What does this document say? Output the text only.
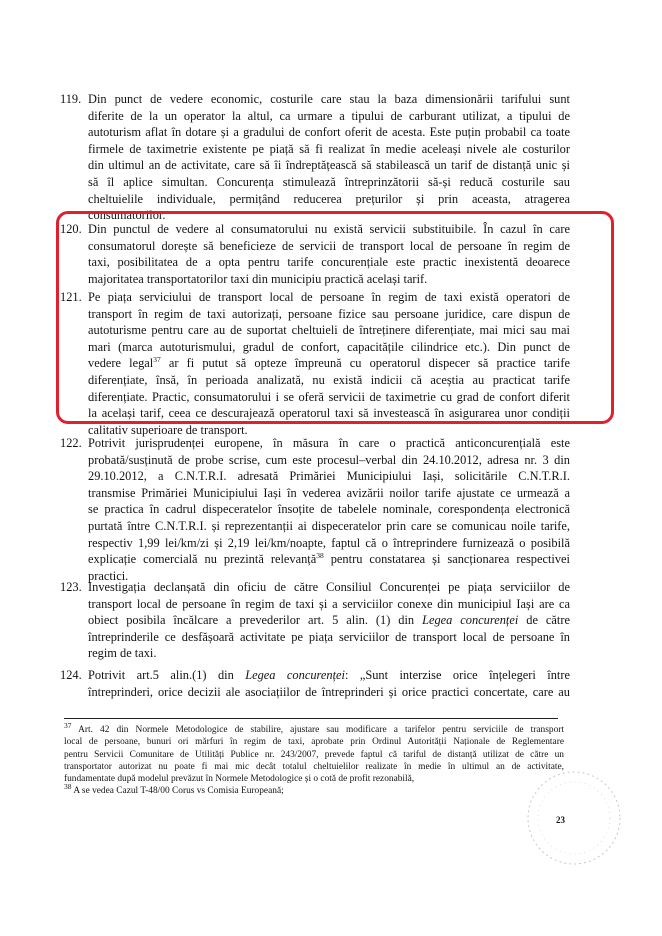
119. Din punct de vedere economic, costurile care stau la baza dimensionării tarifului sunt
diferite de la un operator la altul, ca urmare a tipului de carburant utilizat, a tipului de
autoturism aflat în dotare și a gradului de confort oferit de acesta. Este puțin probabil ca toate
firmele de taximetrie existente pe piață să fi realizat în medie aceleași nivele ale costurilor
din ultimul an de activitate, care să îi îndreptățească să stabilească un tarif de distanță unic și
să îl aplice simultan. Concurența stimulează întreprinzătorii să-și reducă costurile sau
cheltuielile individuale, permițând reducerea prețurilor și prin aceasta, atragerea
consumatorilor.
120. Din punctul de vedere al consumatorului nu există servicii substituibile. În cazul în care
consumatorul dorește să beneficieze de servicii de transport local de persoane în regim de
taxi, posibilitatea de a opta pentru tarife concurențiale este practic inexistentă deoarece
majoritatea transportatorilor taxi din municipiu practică același tarif.
121. Pe piața serviciului de transport local de persoane în regim de taxi există operatori de
transport în regim de taxi autorizați, persoane fizice sau persoane juridice, care dispun de
autoturisme pentru care au de suportat cheltuieli de întreținere diferențiate, mai mici sau mai
mari (marca autoturismului, gradul de confort, capacitățile cilindrice etc.). Din punct de
vedere legal$^{37}$ ar fi putut să opteze împreună cu operatorul dispecer să practice tarife
diferențiate, însă, în perioada analizată, nu există indicii că aceștia au practicat tarife
diferențiate. Practic, consumatorului i se oferă servicii de taximetrie cu grad de confort diferit
la același tarif, ceea ce descurajează operatorul taxi să investească în asigurarea unor condiții
calitativ superioare de transport.
122. Potrivit jurisprudenței europene, în măsura în care o practică anticoncurențială este
probată/susținută de probe scrise, cum este procesul–verbal din 24.10.2012, adresa nr. 3 din
29.10.2012, a C.N.T.R.I. adresată Primăriei Municipiului Iași, solicitările C.N.T.R.I.
transmise Primăriei Municipiului Iași în vederea avizării noilor tarife ajustate ce urmează a
se practica în cadrul dispeceratelor însoțite de tabelele nominale, corespondența electronică
purtată între C.N.T.R.I. și reprezentanții ai dispeceratelor prin care se comunicau noile tarife,
respectiv 1,99 lei/km/zi și 2,19 lei/km/noapte, faptul că o întreprindere furnizează o posibilă
explicație comercială nu prezintă relevanță$^{38}$ pentru constatarea și sancționarea respectivei
practici.
123. Investigația declanșată din oficiu de către Consiliul Concurenței pe piața serviciilor de
transport local de persoane în regim de taxi și a serviciilor conexe din municipiul Iași are ca
obiect posibila încălcare a prevederilor art. 5 alin. (1) din Legea concurenței de către
întreprinderile ce desfășoară activitate pe piața serviciilor de transport local de persoane în
regim de taxi.
124. Potrivit art.5 alin.(1) din Legea concurenței: „Sunt interzise orice înțelegeri între
întreprinderi, orice decizii ale asociațiilor de întreprinderi și orice practici concertate, care au
$^{37}$ Art. 42 din Normele Metodologice de stabilire, ajustare sau modificare a tarifelor pentru serviciile de transport
local de persoane, bunuri ori mărfuri în regim de taxi, aprobate prin Ordinul Autorității Naționale de Reglementare
pentru Servicii Comunitare de Utilități Publice nr. 243/2007, prevede faptul că tariful de distanță utilizat de către un
transportator autorizat nu poate fi mai mic decât totalul cheltuielilor realizate în medie în ultimul an de activitate,
fundamentate după modelul prevăzut în Normele Metodologice și o cotă de profit rezonabilă,
$^{38}$ A se vedea Cazul T-48/00 Corus vs Comisia Europeană;
23
